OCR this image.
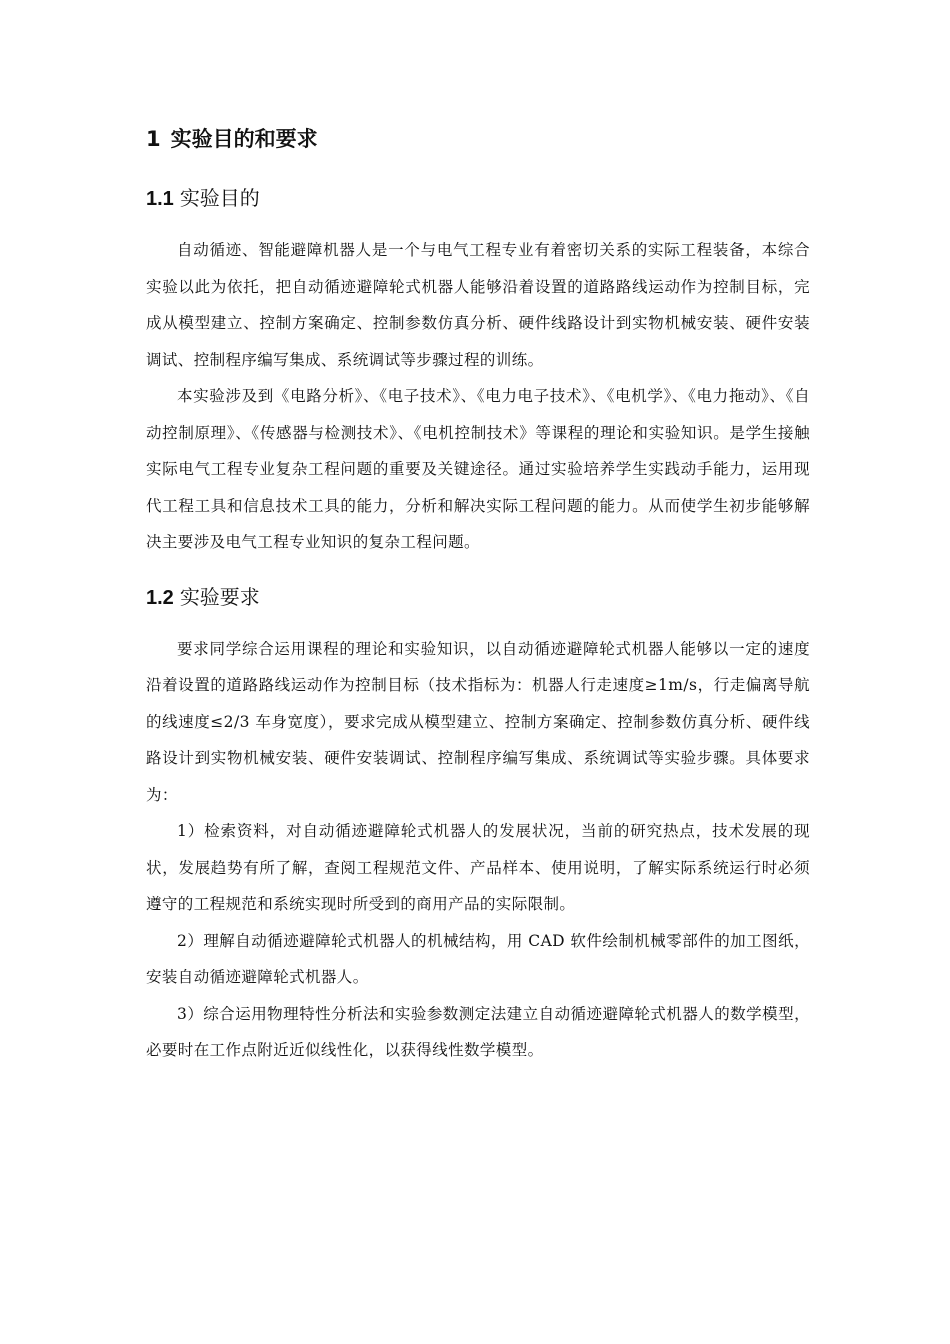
1 实验目的和要求
1.1 实验目的

自动循迹、智能避障机器人是一个与电气工程专业有着密切关系的实际工程装备，本综合实验以此为依托，把自动循迹避障轮式机器人能够沿着设置的道路路线运动作为控制目标，完成从模型建立、控制方案确定、控制参数仿真分析、硬件线路设计到实物机械安装、硬件安装调试、控制程序编写集成、系统调试等步骤过程的训练。

本实验涉及到《电路分析》、《电子技术》、《电力电子技术》、《电机学》、《电力拖动》、《自动控制原理》、《传感器与检测技术》、《电机控制技术》等课程的理论和实验知识。是学生接触实际电气工程专业复杂工程问题的重要及关键途径。通过实验培养学生实践动手能力，运用现代工程工具和信息技术工具的能力，分析和解决实际工程问题的能力。从而使学生初步能够解决主要涉及电气工程专业知识的复杂工程问题。

1.2 实验要求

要求同学综合运用课程的理论和实验知识，以自动循迹避障轮式机器人能够以一定的速度沿着设置的道路路线运动作为控制目标（技术指标为：机器人行走速度≥1m/s，行走偏离导航的线速度≤2/3 车身宽度），要求完成从模型建立、控制方案确定、控制参数仿真分析、硬件线路设计到实物机械安装、硬件安装调试、控制程序编写集成、系统调试等实验步骤。具体要求为：

1）检索资料，对自动循迹避障轮式机器人的发展状况，当前的研究热点，技术发展的现状，发展趋势有所了解，查阅工程规范文件、产品样本、使用说明，了解实际系统运行时必须遵守的工程规范和系统实现时所受到的商用产品的实际限制。

2）理解自动循迹避障轮式机器人的机械结构，用 CAD 软件绘制机械零部件的加工图纸，安装自动循迹避障轮式机器人。

3）综合运用物理特性分析法和实验参数测定法建立自动循迹避障轮式机器人的数学模型，必要时在工作点附近近似线性化，以获得线性数学模型。
